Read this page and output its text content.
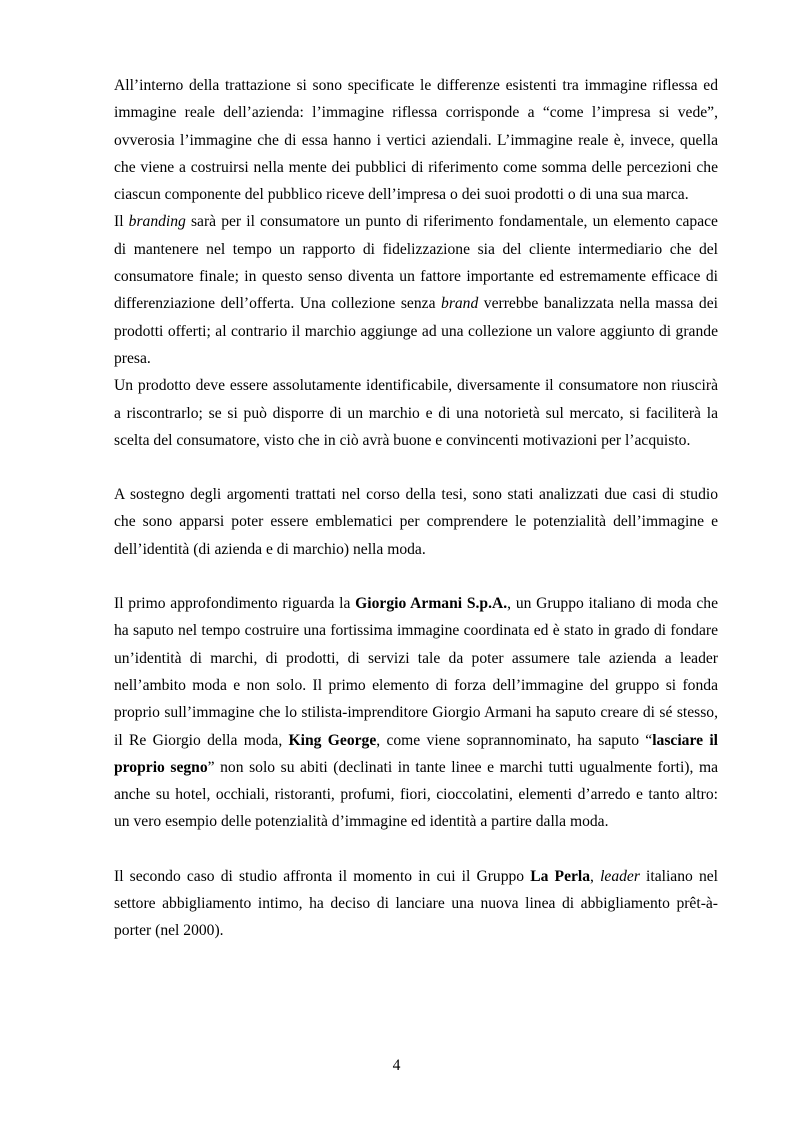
All’interno della trattazione si sono specificate le differenze esistenti tra immagine riflessa ed immagine reale dell’azienda: l’immagine riflessa corrisponde a “come l’impresa si vede”, ovverosia l’immagine che di essa hanno i vertici aziendali. L’immagine reale è, invece, quella che viene a costruirsi nella mente dei pubblici di riferimento come somma delle percezioni che ciascun componente del pubblico riceve dell’impresa o dei suoi prodotti o di una sua marca.

Il branding sarà per il consumatore un punto di riferimento fondamentale, un elemento capace di mantenere nel tempo un rapporto di fidelizzazione sia del cliente intermediario che del consumatore finale; in questo senso diventa un fattore importante ed estremamente efficace di differenziazione dell’offerta. Una collezione senza brand verrebbe banalizzata nella massa dei prodotti offerti; al contrario il marchio aggiunge ad una collezione un valore aggiunto di grande presa.

Un prodotto deve essere assolutamente identificabile, diversamente il consumatore non riuscirà a riscontrarlo; se si può disporre di un marchio e di una notorietà sul mercato, si faciliterà la scelta del consumatore, visto che in ciò avrà buone e convincenti motivazioni per l’acquisto.

A sostegno degli argomenti trattati nel corso della tesi, sono stati analizzati due casi di studio che sono apparsi poter essere emblematici per comprendere le potenzialità dell’immagine e dell’identità (di azienda e di marchio) nella moda.

Il primo approfondimento riguarda la Giorgio Armani S.p.A., un Gruppo italiano di moda che ha saputo nel tempo costruire una fortissima immagine coordinata ed è stato in grado di fondare un’identità di marchi, di prodotti, di servizi tale da poter assumere tale azienda a leader nell’ambito moda e non solo. Il primo elemento di forza dell’immagine del gruppo si fonda proprio sull’immagine che lo stilista-imprenditore Giorgio Armani ha saputo creare di sé stesso, il Re Giorgio della moda, King George, come viene soprannominato, ha saputo “lasciare il proprio segno” non solo su abiti (declinati in tante linee e marchi tutti ugualmente forti), ma anche su hotel, occhiali, ristoranti, profumi, fiori, cioccolatini, elementi d’arredo e tanto altro: un vero esempio delle potenzialità d’immagine ed identità a partire dalla moda.

Il secondo caso di studio affronta il momento in cui il Gruppo La Perla, leader italiano nel settore abbigliamento intimo, ha deciso di lanciare una nuova linea di abbigliamento prêt-à-porter (nel 2000).

4
